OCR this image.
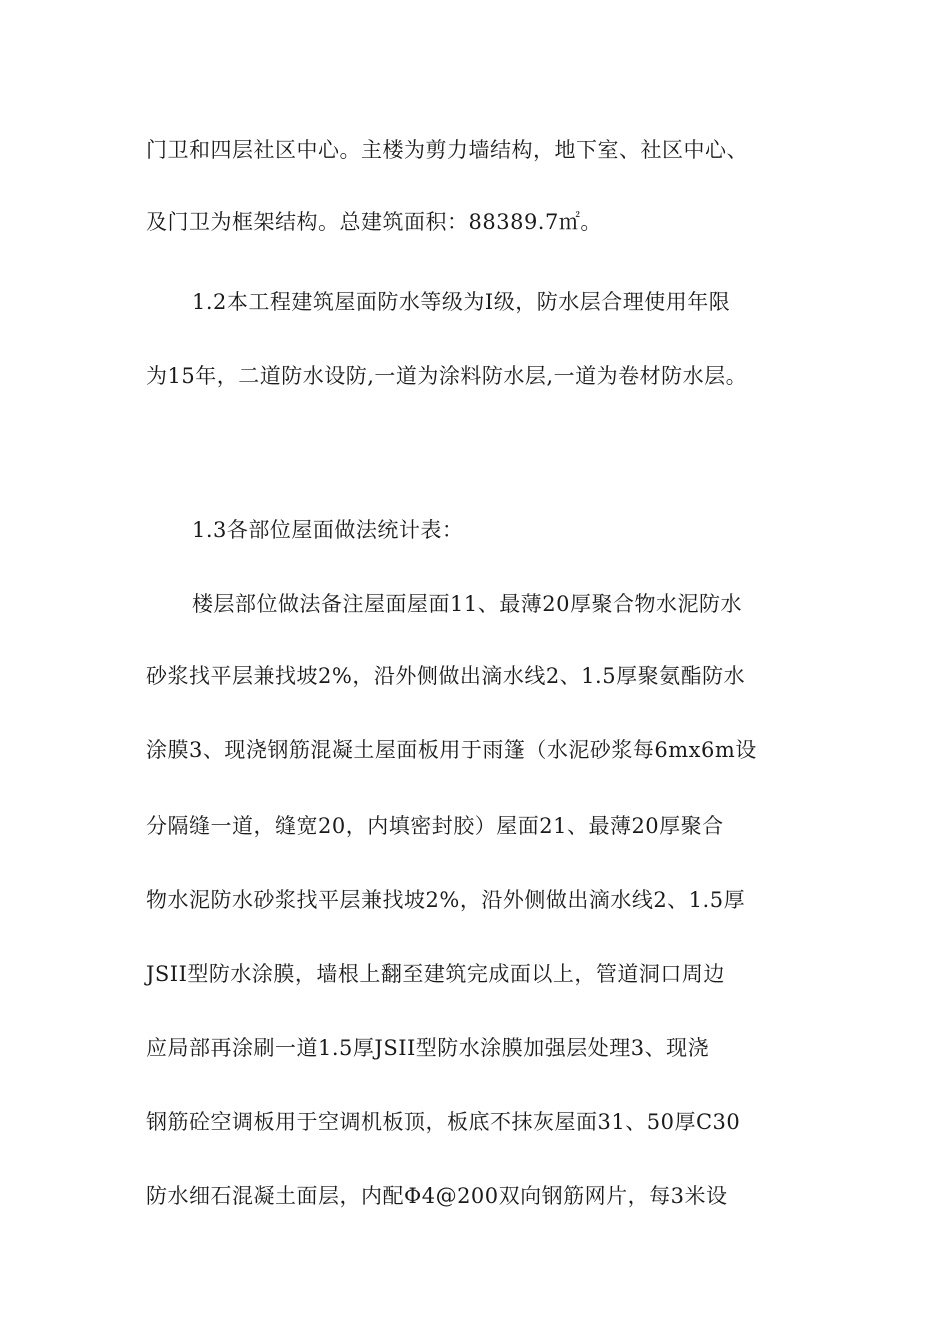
门卫和四层社区中心。主楼为剪力墙结构，地下室、社区中心、
及门卫为框架结构。总建筑面积：88389.7㎡。
1.2本工程建筑屋面防水等级为Ⅰ级，防水层合理使用年限
为15年，二道防水设防,一道为涂料防水层,一道为卷材防水层。
1.3各部位屋面做法统计表：
楼层部位做法备注屋面屋面11、最薄20厚聚合物水泥防水
砂浆找平层兼找坡2%，沿外侧做出滴水线2、1.5厚聚氨酯防水
涂膜3、现浇钢筋混凝土屋面板用于雨篷（水泥砂浆每6mx6m设
分隔缝一道，缝宽20，内填密封胶）屋面21、最薄20厚聚合
物水泥防水砂浆找平层兼找坡2%，沿外侧做出滴水线2、1.5厚
JSII型防水涂膜，墙根上翻至建筑完成面以上，管道洞口周边
应局部再涂刷一道1.5厚JSII型防水涂膜加强层处理3、现浇
钢筋砼空调板用于空调机板顶，板底不抹灰屋面31、50厚C30
防水细石混凝土面层，内配Φ4@200双向钢筋网片，每3米设
